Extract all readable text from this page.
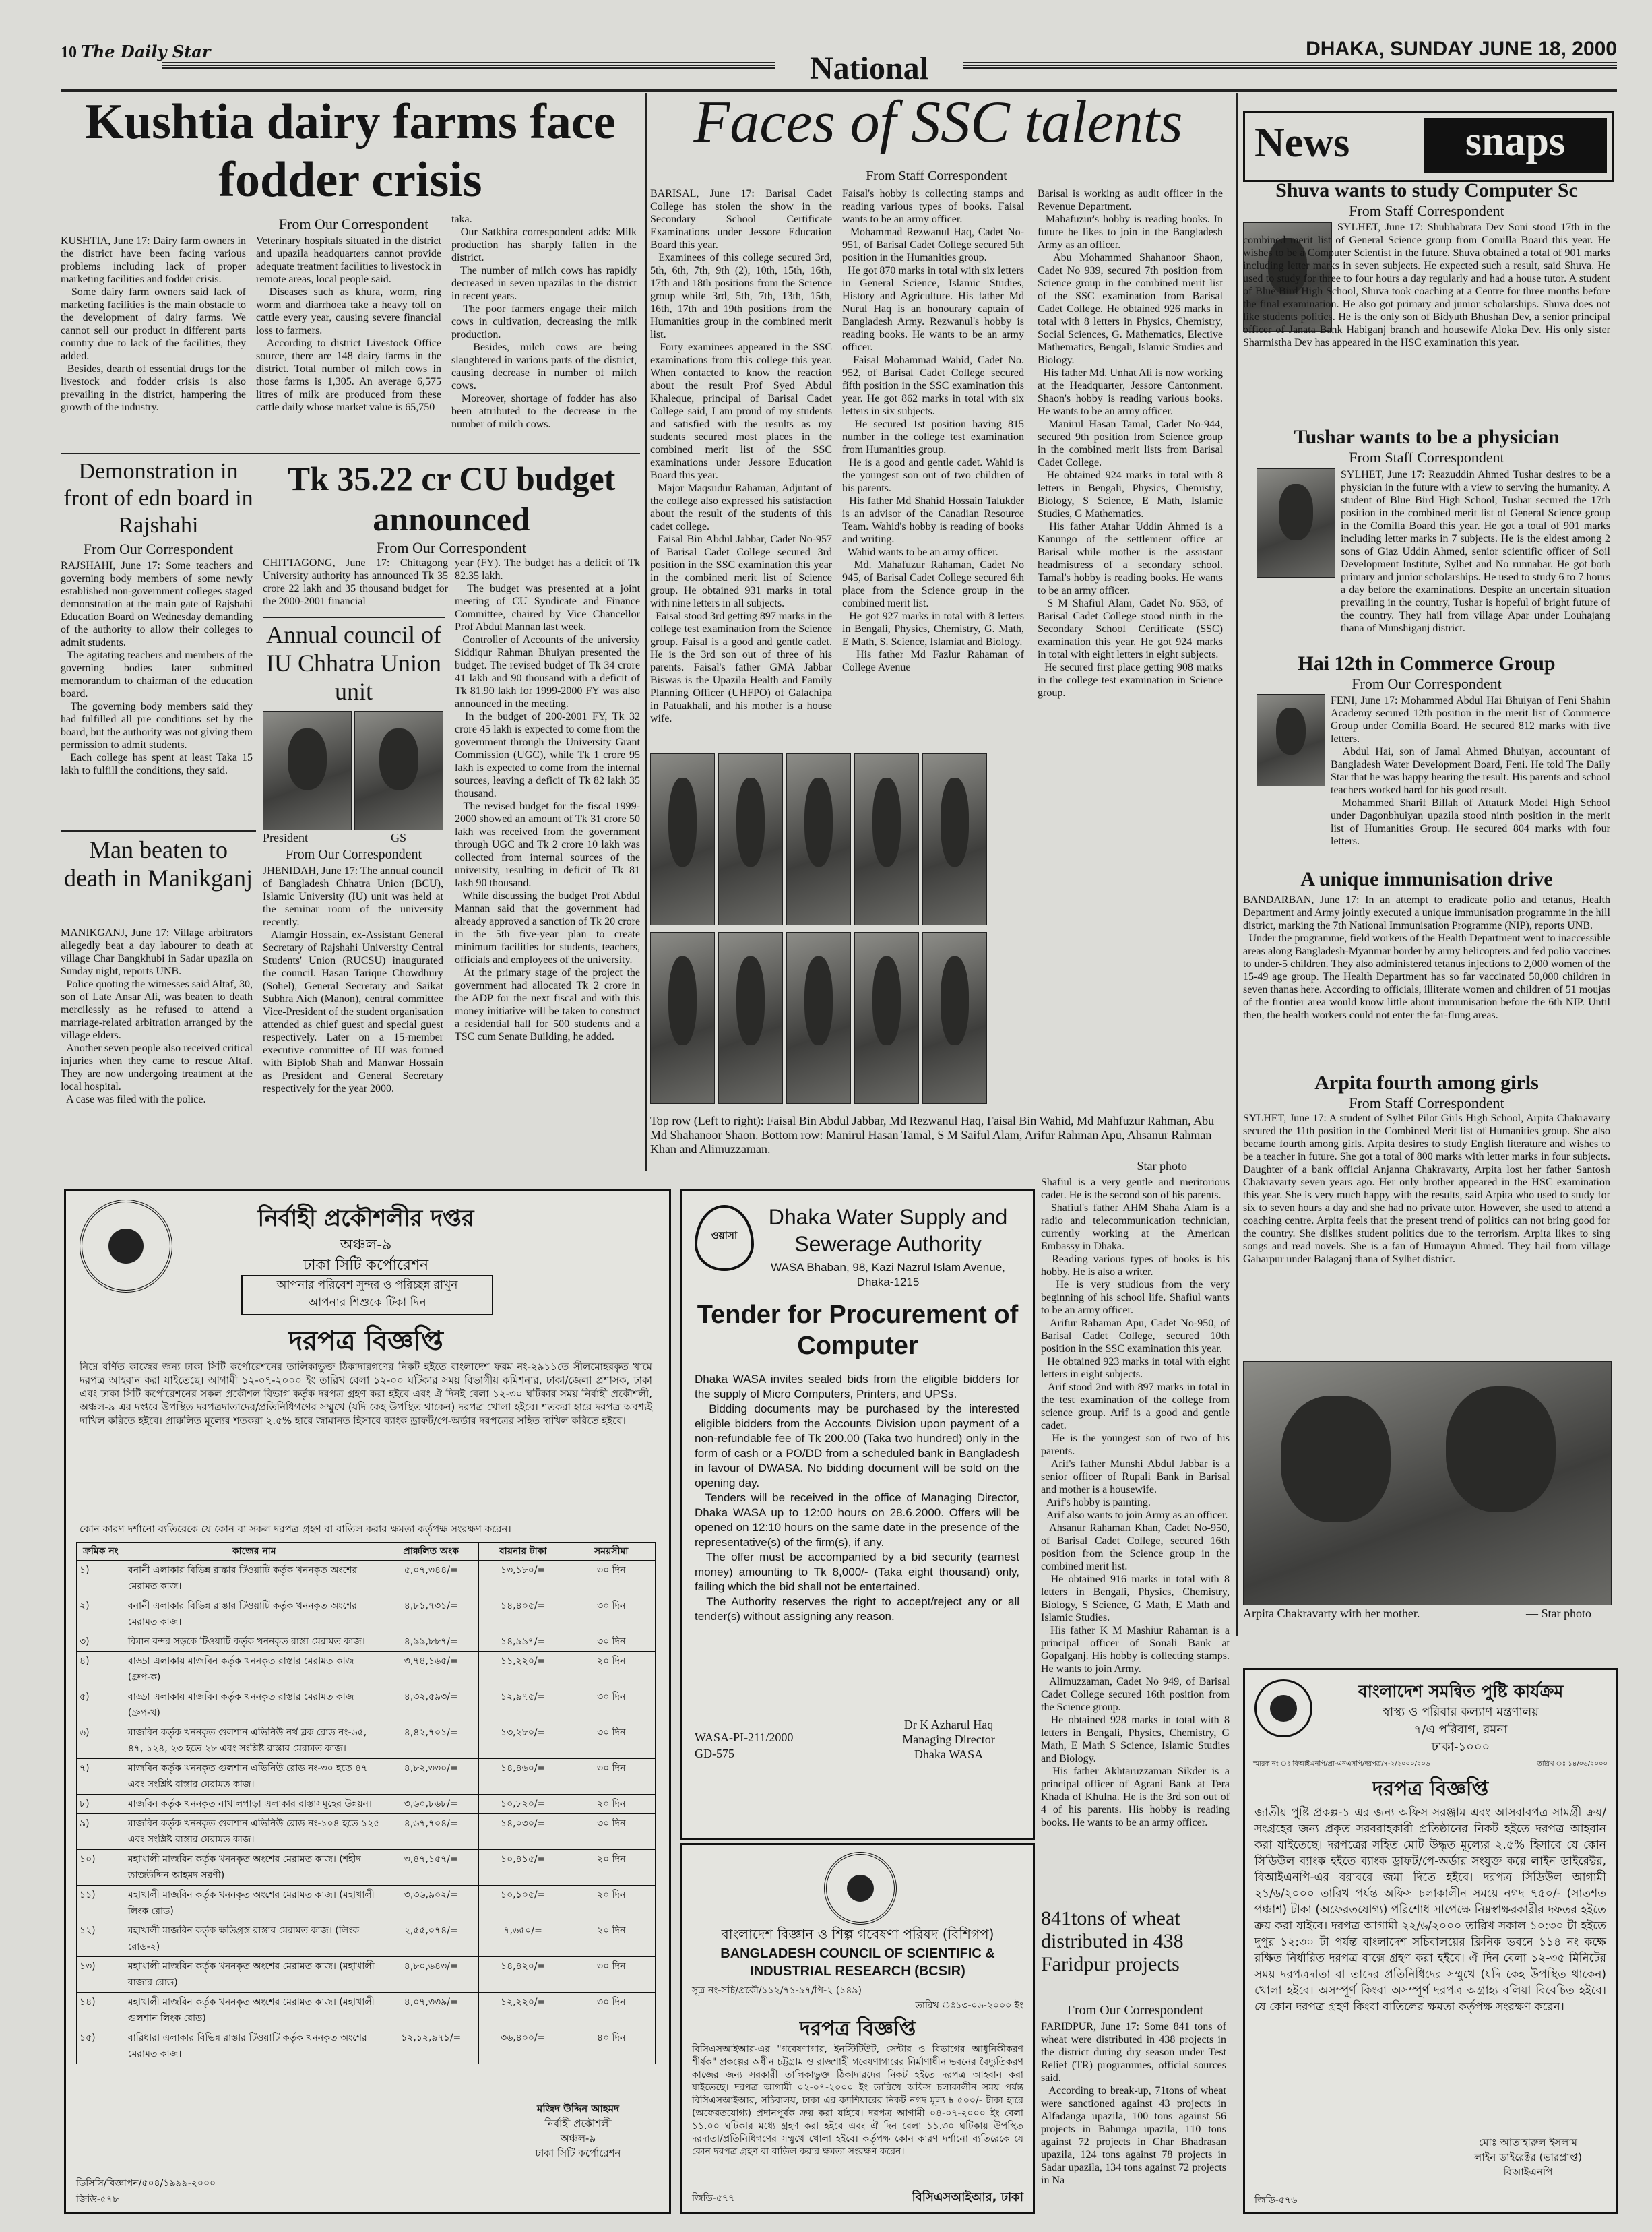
10 The Daily Star	DHAKA, SUNDAY JUNE 18, 2000
National
Kushtia dairy farms face fodder crisis
From Our Correspondent
KUSHTIA, June 17: Dairy farm owners in the district have been facing various problems including lack of proper marketing facilities and fodder crisis.
Some dairy farm owners said lack of marketing facilities is the main obstacle to the development of dairy farms. We cannot sell our product in different parts country due to lack of the facilities, they added.
Besides, dearth of essential drugs for the livestock and fodder crisis is also prevailing in the district, hampering the growth of the industry.
Veterinary hospitals situated in the district and upazila headquarters cannot provide adequate treatment facilities to livestock in remote areas, local people said.
Diseases such as khura, worm, ring worm and diarrhoea take a heavy toll on cattle every year, causing severe financial loss to farmers.
According to district Livestock Office source, there are 148 dairy farms in the district. Total number of milch cows in those farms is 1,305. An average 6,575 litres of milk are produced from these cattle daily whose market value is 65,750
taka.
Our Satkhira correspondent adds: Milk production has sharply fallen in the district.
The number of milch cows has rapidly decreased in seven upazilas in the district in recent years.
The poor farmers engage their milch cows in cultivation, decreasing the milk production.
Besides, milch cows are being slaughtered in various parts of the district, causing decrease in number of milch cows.
Moreover, shortage of fodder has also been attributed to the decrease in the number of milch cows.
Demonstration in front of edn board in Rajshahi
From Our Correspondent
RAJSHAHI, June 17: Some teachers and governing body members of some newly established non-government colleges staged demonstration at the main gate of Rajshahi Education Board on Wednesday demanding of the authority to allow their colleges to admit students.
The agitating teachers and members of the governing bodies later submitted memorandum to chairman of the education board.
The governing body members said they had fulfilled all pre conditions set by the board, but the authority was not giving them permission to admit students.
Each college has spent at least Taka 15 lakh to fulfill the conditions, they said.
Man beaten to death in Manikganj
MANIKGANJ, June 17: Village arbitrators allegedly beat a day labourer to death at village Char Bangkhubi in Sadar upazila on Sunday night, reports UNB.
Police quoting the witnesses said Altaf, 30, son of Late Ansar Ali, was beaten to death mercilessly as he refused to attend a marriage-related arbitration arranged by the village elders.
Another seven people also received critical injuries when they came to rescue Altaf. They are now undergoing treatment at the local hospital.
A case was filed with the police.
Tk 35.22 cr CU budget announced
From Our Correspondent
CHITTAGONG, June 17: Chittagong University authority has announced Tk 35 crore 22 lakh and 35 thousand budget for the 2000-2001 financial
year (FY). The budget has a deficit of Tk 82.35 lakh.
The budget was presented at a joint meeting of CU Syndicate and Finance Committee, chaired by Vice Chancellor Prof Abdul Mannan last week.
Controller of Accounts of the university Siddiqur Rahman Bhuiyan presented the budget. The revised budget of Tk 34 crore 41 lakh and 90 thousand with a deficit of Tk 81.90 lakh for 1999-2000 FY was also announced in the meeting.
In the budget of 200-2001 FY, Tk 32 crore 45 lakh is expected to come from the government through the University Grant Commission (UGC), while Tk 1 crore 95 lakh is expected to come from the internal sources, leaving a deficit of Tk 82 lakh 35 thousand.
The revised budget for the fiscal 1999-2000 showed an amount of Tk 31 crore 50 lakh was received from the government through UGC and Tk 2 crore 10 lakh was collected from internal sources of the university, resulting in deficit of Tk 81 lakh 90 thousand.
While discussing the budget Prof Abdul Mannan said that the government had already approved a sanction of Tk 20 crore in the 5th five-year plan to create minimum facilities for students, teachers, officials and employees of the university.
At the primary stage of the project the government had allocated Tk 2 crore in the ADP for the next fiscal and with this money initiative will be taken to construct a residential hall for 500 students and a TSC cum Senate Building, he added.
Annual council of IU Chhatra Union unit
President	GS
From Our Correspondent
JHENIDAH, June 17: The annual council of Bangladesh Chhatra Union (BCU), Islamic University (IU) unit was held at the seminar room of the university recently.
Alamgir Hossain, ex-Assistant General Secretary of Rajshahi University Central Students' Union (RUCSU) inaugurated the council. Hasan Tarique Chowdhury (Sohel), General Secretary and Saikat Subhra Aich (Manon), central committee Vice-President of the student organisation attended as chief guest and special guest respectively. Later on a 15-member executive committee of IU was formed with Biplob Shah and Manwar Hossain as President and General Secretary respectively for the year 2000.
Faces of SSC talents
From Staff Correspondent
BARISAL, June 17: Barisal Cadet College has stolen the show in the Secondary School Certificate Examinations under Jessore Education Board this year.
Examinees of this college secured 3rd, 5th, 6th, 7th, 9th (2), 10th, 15th, 16th, 17th and 18th positions from the Science group while 3rd, 5th, 7th, 13th, 15th, 16th, 17th and 19th positions from the Humanities group in the combined merit list.
Forty examinees appeared in the SSC examinations from this college this year. When contacted to know the reaction about the result Prof Syed Abdul Khaleque, principal of Barisal Cadet College said, I am proud of my students and satisfied with the results as my students secured most places in the combined merit list of the SSC examinations under Jessore Education Board this year.
Major Maqsudur Rahaman, Adjutant of the college also expressed his satisfaction about the result of the students of this cadet college.
Faisal Bin Abdul Jabbar, Cadet No-957 of Barisal Cadet College secured 3rd position in the SSC examination this year in the combined merit list of Science group. He obtained 931 marks in total with nine letters in all subjects.
Faisal stood 3rd getting 897 marks in the college test examination from the Science group. Faisal is a good and gentle cadet. He is the 3rd son out of three of his parents. Faisal's father GMA Jabbar Biswas is the Upazila Health and Family Planning Officer (UHFPO) of Galachipa in Patuakhali, and his mother is a house wife.
Faisal's hobby is collecting stamps and reading various types of books. Faisal wants to be an army officer.
Mohammad Rezwanul Haq, Cadet No-951, of Barisal Cadet College secured 5th position in the Humanities group.
He got 870 marks in total with six letters in General Science, Islamic Studies, History and Agriculture. His father Md Nurul Haq is an honourary captain of Bangladesh Army. Rezwanul's hobby is reading books. He wants to be an army officer.
Faisal Mohammad Wahid, Cadet No. 952, of Barisal Cadet College secured fifth position in the SSC examination this year. He got 862 marks in total with six letters in six subjects.
He secured 1st position having 815 number in the college test examination from Humanities group.
He is a good and gentle cadet. Wahid is the youngest son out of two children of his parents.
His father Md Shahid Hossain Talukder is an advisor of the Canadian Resource Team. Wahid's hobby is reading of books and writing.
Wahid wants to be an army officer.
Md. Mahafuzur Rahaman, Cadet No 945, of Barisal Cadet College secured 6th place from the Science group in the combined merit list.
He got 927 marks in total with 8 letters in Bengali, Physics, Chemistry, G. Math, E Math, S. Science, Islamiat and Biology.
His father Md Fazlur Rahaman of College Avenue
Barisal is working as audit officer in the Revenue Department.
Mahafuzur's hobby is reading books. In future he likes to join in the Bangladesh Army as an officer.
Abu Mohammed Shahanoor Shaon, Cadet No 939, secured 7th position from Science group in the combined merit list of the SSC examination from Barisal Cadet College. He obtained 926 marks in total with 8 letters in Physics, Chemistry, Social Sciences, G. Mathematics, Elective Mathematics, Bengali, Islamic Studies and Biology.
His father Md. Unhat Ali is now working at the Headquarter, Jessore Cantonment. Shaon's hobby is reading various books. He wants to be an army officer.
Manirul Hasan Tamal, Cadet No-944, secured 9th position from Science group in the combined merit lists from Barisal Cadet College.
He obtained 924 marks in total with 8 letters in Bengali, Physics, Chemistry, Biology, S Science, E Math, Islamic Studies, G Mathematics.
His father Atahar Uddin Ahmed is a Kanungo of the settlement office at Barisal while mother is the assistant headmistress of a secondary school. Tamal's hobby is reading books. He wants to be an army officer.
S M Shafiul Alam, Cadet No. 953, of Barisal Cadet College stood ninth in the Secondary School Certificate (SSC) examination this year. He got 924 marks in total with eight letters in eight subjects.
He secured first place getting 908 marks in the college test examination in Science group.
Top row (Left to right): Faisal Bin Abdul Jabbar, Md Rezwanul Haq, Faisal Bin Wahid, Md Mahfuzur Rahman, Abu Md Shahanoor Shaon. Bottom row: Manirul Hasan Tamal, S M Saiful Alam, Arifur Rahman Apu, Ahsanur Rahman Khan and Alimuzzaman.
— Star photo
News	snaps
Shuva wants to study Computer Sc
From Staff Correspondent
SYLHET, June 17: Shubhabrata Dev Soni stood 17th in the combined merit list of General Science group from Comilla Board this year. He wishes to be a Computer Scientist in the future. Shuva obtained a total of 901 marks including letter marks in seven subjects. He expected such a result, said Shuva. He used to study for three to four hours a day regularly and had a house tutor. A student of Blue Bird High School, Shuva took coaching at a Centre for three months before the final examination. He also got primary and junior scholarships. Shuva does not like students politics. He is the only son of Bidyuth Bhushan Dev, a senior principal officer of Janata Bank Habiganj branch and housewife Aloka Dev. His only sister Sharmistha Dev has appeared in the HSC examination this year.
Tushar wants to be a physician
From Staff Correspondent
SYLHET, June 17: Reazuddin Ahmed Tushar desires to be a physician in the future with a view to serving the humanity. A student of Blue Bird High School, Tushar secured the 17th position in the combined merit list of General Science group in the Comilla Board this year. He got a total of 901 marks including letter marks in 7 subjects. He is the eldest among 2 sons of Giaz Uddin Ahmed, senior scientific officer of Soil Development Institute, Sylhet and No runnabar. He got both primary and junior scholarships. He used to study 6 to 7 hours a day before the examinations. Despite an uncertain situation prevailing in the country, Tushar is hopeful of bright future of the country. They hail from village Apar under Louhajang thana of Munshiganj district.
Hai 12th in Commerce Group
From Our Correspondent
FENI, June 17: Mohammed Abdul Hai Bhuiyan of Feni Shahin Academy secured 12th position in the merit list of Commerce Group under Comilla Board. He secured 812 marks with five letters.
Abdul Hai, son of Jamal Ahmed Bhuiyan, accountant of Bangladesh Water Development Board, Feni. He told The Daily Star that he was happy hearing the result. His parents and school teachers worked hard for his good result.
Mohammed Sharif Billah of Attaturk Model High School under Dagonbhuiyan upazila stood ninth position in the merit list of Humanities Group. He secured 804 marks with four letters.
A unique immunisation drive
BANDARBAN, June 17: In an attempt to eradicate polio and tetanus, Health Department and Army jointly executed a unique immunisation programme in the hill district, marking the 7th National Immunisation Programme (NIP), reports UNB.
Under the programme, field workers of the Health Department went to inaccessible areas along Bangladesh-Myanmar border by army helicopters and fed polio vaccines to under-5 children. They also administered tetanus injections to 2,000 women of the 15-49 age group. The Health Department has so far vaccinated 50,000 children in seven thanas here. According to officials, illiterate women and children of 51 moujas of the frontier area would know little about immunisation before the 6th NIP. Until then, the health workers could not enter the far-flung areas.
Arpita fourth among girls
From Staff Correspondent
SYLHET, June 17: A student of Sylhet Pilot Girls High School, Arpita Chakravarty secured the 11th position in the Combined Merit list of Humanities group. She also became fourth among girls. Arpita desires to study English literature and wishes to be a teacher in future. She got a total of 800 marks with letter marks in four subjects. Daughter of a bank official Anjanna Chakravarty, Arpita lost her father Santosh Chakravarty seven years ago. Her only brother appeared in the HSC examination this year. She is very much happy with the results, said Arpita who used to study for six to seven hours a day and she had no private tutor. However, she used to attend a coaching centre. Arpita feels that the present trend of politics can not bring good for the country. She dislikes student politics due to the terrorism. Arpita likes to sing songs and read novels. She is a fan of Humayun Ahmed. They hail from village Gaharpur under Balaganj thana of Sylhet district.
Arpita Chakravarty with her mother.	— Star photo
Shafiul is a very gentle and meritorious cadet. He is the second son of his parents.
Shafiul's father AHM Shaha Alam is a radio and telecommunication technician, currently working at the American Embassy in Dhaka.
Reading various types of books is his hobby. He is also a writer.
He is very studious from the very beginning of his school life. Shafiul wants to be an army officer.
Arifur Rahaman Apu, Cadet No-950, of Barisal Cadet College, secured 10th position in the SSC examination this year.
He obtained 923 marks in total with eight letters in eight subjects.
Arif stood 2nd with 897 marks in total in the test examination of the college from science group. Arif is a good and gentle cadet.
He is the youngest son of two of his parents.
Arif's father Munshi Abdul Jabbar is a senior officer of Rupali Bank in Barisal and mother is a housewife.
Arif's hobby is painting.
Arif also wants to join Army as an officer.
Ahsanur Rahaman Khan, Cadet No-950, of Barisal Cadet College, secured 16th position from the Science group in the combined merit list.
He obtained 916 marks in total with 8 letters in Bengali, Physics, Chemistry, Biology, S Science, G Math, E Math and Islamic Studies.
His father K M Mashiur Rahaman is a principal officer of Sonali Bank at Gopalganj. His hobby is collecting stamps. He wants to join Army.
Alimuzzaman, Cadet No 949, of Barisal Cadet College secured 16th position from the Science group.
He obtained 928 marks in total with 8 letters in Bengali, Physics, Chemistry, G Math, E Math S Science, Islamic Studies and Biology.
His father Akhtaruzzaman Sikder is a principal officer of Agrani Bank at Tera Khada of Khulna. He is the 3rd son out of 4 of his parents. His hobby is reading books. He wants to be an army officer.
841tons of wheat distributed in 438 Faridpur projects
From Our Correspondent
FARIDPUR, June 17: Some 841 tons of wheat were distributed in 438 projects in the district during dry season under Test Relief (TR) programmes, official sources said.
According to break-up, 71tons of wheat were sanctioned against 43 projects in Alfadanga upazila, 100 tons against 56 projects in Bahunga upazila, 110 tons against 72 projects in Char Bhadrasan upazila, 124 tons against 78 projects in Sadar upazila, 134 tons against 72 projects in Na
নির্বাহী প্রকৌশলীর দপ্তর
অঞ্চল-৯
ঢাকা সিটি কর্পোরেশন
আপনার পরিবেশ সুন্দর ও পরিচ্ছন্ন রাখুন
আপনার শিশুকে টিকা দিন
দরপত্র বিজ্ঞপ্তি
নিম্নে বর্ণিত কাজের জন্য ঢাকা সিটি কর্পোরেশনের তালিকাভুক্ত ঠিকাদারগণের নিকট হইতে বাংলাদেশ ফরম নং-২৯১১তে সীলমোহরকৃত খামে দরপত্র আহবান করা যাইতেছে। আগামী ১২-০৭-২০০০ ইং তারিখ বেলা ১২-০০ ঘটিকার সময় বিভাগীয় কমিশনার, ঢাকা/জেলা প্রশাসক, ঢাকা এবং ঢাকা সিটি কর্পোরেশনের সকল প্রকৌশল বিভাগ কর্তৃক দরপত্র গ্রহণ করা হইবে এবং ঐ দিনই বেলা ১২-৩০ ঘটিকার সময় নির্বাহী প্রকৌশলী, অঞ্চল-৯ এর দপ্তরে উপস্থিত দরপত্রদাতাদের/প্রতিনিধিগণের সম্মুখে (যদি কেহ উপস্থিত থাকেন) দরপত্র খোলা হইবে। শতকরা হারে দরপত্র অবশ্যই দাখিল করিতে হইবে। প্রাক্কলিত মূল্যের শতকরা ২.৫% হারে জামানত হিসাবে ব্যাংক ড্রাফট/পে-অর্ডার দরপত্রের সহিত দাখিল করিতে হইবে।
কোন কারণ দর্শানো ব্যতিরেকে যে কোন বা সকল দরপত্র গ্রহণ বা বাতিল করার ক্ষমতা কর্তৃপক্ষ সংরক্ষণ করেন।
ক্রমিক নং	কাজের নাম	প্রাক্কলিত অংক	বায়নার টাকা	সময়সীমা
১)	বনানী এলাকার বিভিন্ন রাস্তার টিওয়াটি কর্তৃক খননকৃত অংশের মেরামত কাজ।	৫,০৭,৩৪৪/=	১৩,১৮০/=	৩০ দিন
২)	বনানী এলাকার বিভিন্ন রাস্তার টিওয়াটি কর্তৃক খননকৃত অংশের মেরামত কাজ।	৪,৮১,৭৩১/=	১৪,৪০৫/=	৩০ দিন
৩)	বিমান বন্দর সড়কে টিওয়াটি কর্তৃক খননকৃত রাস্তা মেরামত কাজ।	৪,৯৯,৮৮৭/=	১৪,৯৯৭/=	৩০ দিন
৪)	বাড্ডা এলাকায় মাজবিন কর্তৃক খননকৃত রাস্তার মেরামত কাজ। (গ্রুপ-ক)	৩,৭৪,১৬৫/=	১১,২২০/=	২০ দিন
৫)	বাড্ডা এলাকায় মাজবিন কর্তৃক খননকৃত রাস্তার মেরামত কাজ। (গ্রুপ-খ)	৪,৩২,৫৯৩/=	১২,৯৭৫/=	৩০ দিন
৬)	মাজবিন কর্তৃক খননকৃত গুলশান এভিনিউ নর্থ ব্লক রোড নং-৬৫, ৪৭, ১২৪, ২৩ হতে ২৮ এবং সংশ্লিষ্ট রাস্তার মেরামত কাজ।	৪,৪২,৭০১/=	১৩,২৮০/=	৩০ দিন
৭)	মাজবিন কর্তৃক খননকৃত গুলশান এভিনিউ রোড নং-৩০ হতে ৪৭ এবং সংশ্লিষ্ট রাস্তার মেরামত কাজ।	৪,৮২,৩৩০/=	১৪,৪৬০/=	৩০ দিন
৮)	মাজবিন কর্তৃক খননকৃত নাখালপাড়া এলাকার রাস্তাসমূহের উন্নয়ন।	৩,৬০,৮৬৮/=	১০,৮২০/=	২০ দিন
৯)	মাজবিন কর্তৃক খননকৃত গুলশান এভিনিউ রোড নং-১০৪ হতে ১২৫ এবং সংশ্লিষ্ট রাস্তার মেরামত কাজ।	৪,৬৭,৭০৪/=	১৪,০৩০/=	৩০ দিন
১০)	মহাখালী মাজবিন কর্তৃক খননকৃত অংশের মেরামত কাজ। (শহীদ তাজউদ্দিন আহমদ সরণী)	৩,৪৭,১৫৭/=	১০,৪১৫/=	২০ দিন
১১)	মহাখালী মাজবিন কর্তৃক খননকৃত অংশের মেরামত কাজ। (মহাখালী লিংক রোড)	৩,৩৬,৯০২/=	১০,১০৫/=	২০ দিন
১২)	মহাখালী মাজবিন কর্তৃক ক্ষতিগ্রস্ত রাস্তার মেরামত কাজ। (লিংক রোড-২)	২,৫৫,০৭৪/=	৭,৬৫০/=	২০ দিন
১৩)	মহাখালী মাজবিন কর্তৃক খননকৃত অংশের মেরামত কাজ। (মহাখালী বাজার রোড)	৪,৮০,৬৪৩/=	১৪,৪২০/=	৩০ দিন
১৪)	মহাখালী মাজবিন কর্তৃক খননকৃত অংশের মেরামত কাজ। (মহাখালী গুলশান লিংক রোড)	৪,০৭,৩৩৯/=	১২,২২০/=	৩০ দিন
১৫)	বারিধারা এলাকার বিভিন্ন রাস্তার টিওয়াটি কর্তৃক খননকৃত অংশের মেরামত কাজ।	১২,১২,৯৭১/=	৩৬,৪০০/=	৪০ দিন
মজিদ উদ্দিন আহমদ
নির্বাহী প্রকৌশলী
অঞ্চল-৯
ঢাকা সিটি কর্পোরেশন
ডিসিসি/বিজ্ঞাপন/৫০৪/১৯৯৯-২০০০
জিডি-৫৭৮
ওয়াসা
Dhaka Water Supply and Sewerage Authority
WASA Bhaban, 98, Kazi Nazrul Islam Avenue, Dhaka-1215
Tender for Procurement of Computer
Dhaka WASA invites sealed bids from the eligible bidders for the supply of Micro Computers, Printers, and UPSs.
Bidding documents may be purchased by the interested eligible bidders from the Accounts Division upon payment of a non-refundable fee of Tk 200.00 (Taka two hundred) only in the form of cash or a PO/DD from a scheduled bank in Bangladesh in favour of DWASA. No bidding document will be sold on the opening day.
Tenders will be received in the office of Managing Director, Dhaka WASA up to 12:00 hours on 28.6.2000. Offers will be opened on 12:10 hours on the same date in the presence of the representative(s) of the firm(s), if any.
The offer must be accompanied by a bid security (earnest money) amounting to Tk 8,000/- (Taka eight thousand) only, failing which the bid shall not be entertained.
The Authority reserves the right to accept/reject any or all tender(s) without assigning any reason.
Dr K Azharul Haq
Managing Director
Dhaka WASA
WASA-PI-211/2000
GD-575
বাংলাদেশ বিজ্ঞান ও শিল্প গবেষণা পরিষদ (বিশিগপ)
BANGLADESH COUNCIL OF SCIENTIFIC & INDUSTRIAL RESEARCH (BCSIR)
সূত্র নং-সচি/প্রকৌ/১১২/৭১-৯৭/পি-২ (১৪৯)
তারিখ ঃ১৩-০৬-২০০০ ইং
দরপত্র বিজ্ঞপ্তি
বিসিএসআইআর-এর "গবেষণাগার, ইনস্টিটিউট, সেন্টার ও বিভাগের আধুনিকীকরণ শীর্ষক" প্রকল্পের অধীন চট্টগ্রাম ও রাজশাহী গবেষণাগারের নির্মাণাধীন ভবনের বৈদ্যুতিকরণ কাজের জন্য সরকারী তালিকাভুক্ত ঠিকাদারদের নিকট হইতে দরপত্র আহবান করা যাইতেছে। দরপত্র আগামী ০২-০৭-২০০০ ইং তারিখে অফিস চলাকালীন সময় পর্যন্ত বিসিএসআইআর, সচিবালয়, ঢাকা এর ক্যাশিয়ারের নিকট নগদ মূল্য ৳ ৫০০/- টাকা হারে (অফেরতযোগ্য) প্রদানপূর্বক ক্রয় করা যাইবে। দরপত্র আগামী ০৪-০৭-২০০০ ইং বেলা ১১.০০ ঘটিকার মধ্যে গ্রহণ করা হইবে এবং ঐ দিন বেলা ১১.৩০ ঘটিকায় উপস্থিত দরদাতা/প্রতিনিধিগণের সম্মুখে খোলা হইবে। কর্তৃপক্ষ কোন কারণ দর্শানো ব্যতিরেকে যে কোন দরপত্র গ্রহণ বা বাতিল করার ক্ষমতা সংরক্ষণ করেন।
জিডি-৫৭৭	বিসিএসআইআর, ঢাকা
বাংলাদেশ সমন্বিত পুষ্টি কার্যক্রম
স্বাস্থ্য ও পরিবার কল্যাণ মন্ত্রণালয়
৭/এ পরিবাগ, রমনা
ঢাকা-১০০০
স্মারক নং ঃ বিআইএনপি/প্রা-এনএসপি/দরপত্র/৭-২/২০০০/২০৬	তারিখ ঃ ১৪/০৬/২০০০
দরপত্র বিজ্ঞপ্তি
জাতীয় পুষ্টি প্রকল্প-১ এর জন্য অফিস সরঞ্জাম এবং আসবাবপত্র সামগ্রী ক্রয়/সংগ্রহের জন্য প্রকৃত সরবরাহকারী প্রতিষ্ঠানের নিকট হইতে দরপত্র আহবান করা যাইতেছে। দরপত্রের সহিত মোট উদ্ধৃত মূল্যের ২.৫% হিসাবে যে কোন সিডিউল ব্যাংক হইতে ব্যাংক ড্রাফট/পে-অর্ডার সংযুক্ত করে লাইন ডাইরেক্টর, বিআইএনপি-এর বরাবরে জমা দিতে হইবে। দরপত্র সিডিউল আগামী ২১/৬/২০০০ তারিখ পর্যন্ত অফিস চলাকালীন সময়ে নগদ ৭৫০/- (সাতশত পঞ্চাশ) টাকা (অফেরতযোগ্য) পরিশোধ সাপেক্ষে নিম্নস্বাক্ষরকারীর দফতর হইতে ক্রয় করা যাইবে। দরপত্র আগামী ২২/৬/২০০০ তারিখ সকাল ১০:৩০ টা হইতে দুপুর ১২:৩০ টা পর্যন্ত বাংলাদেশ সচিবালয়ের ক্লিনিক ভবনে ১১৪ নং কক্ষে রক্ষিত নির্ধারিত দরপত্র বাক্সে গ্রহণ করা হইবে। ঐ দিন বেলা ১২-৩৫ মিনিটের সময় দরপত্রদাতা বা তাদের প্রতিনিধিদের সম্মুখে (যদি কেহ উপস্থিত থাকেন) খোলা হইবে। অসম্পূর্ণ কিংবা অসম্পূর্ণ দরপত্র অগ্রাহ্য বলিয়া বিবেচিত হইবে। যে কোন দরপত্র গ্রহণ কিংবা বাতিলের ক্ষমতা কর্তৃপক্ষ সংরক্ষণ করেন।
মোঃ আতাহারুল ইসলাম
লাইন ডাইরেক্টর (ভারপ্রাপ্ত)
বিআইএনপি
জিডি-৫৭৬
